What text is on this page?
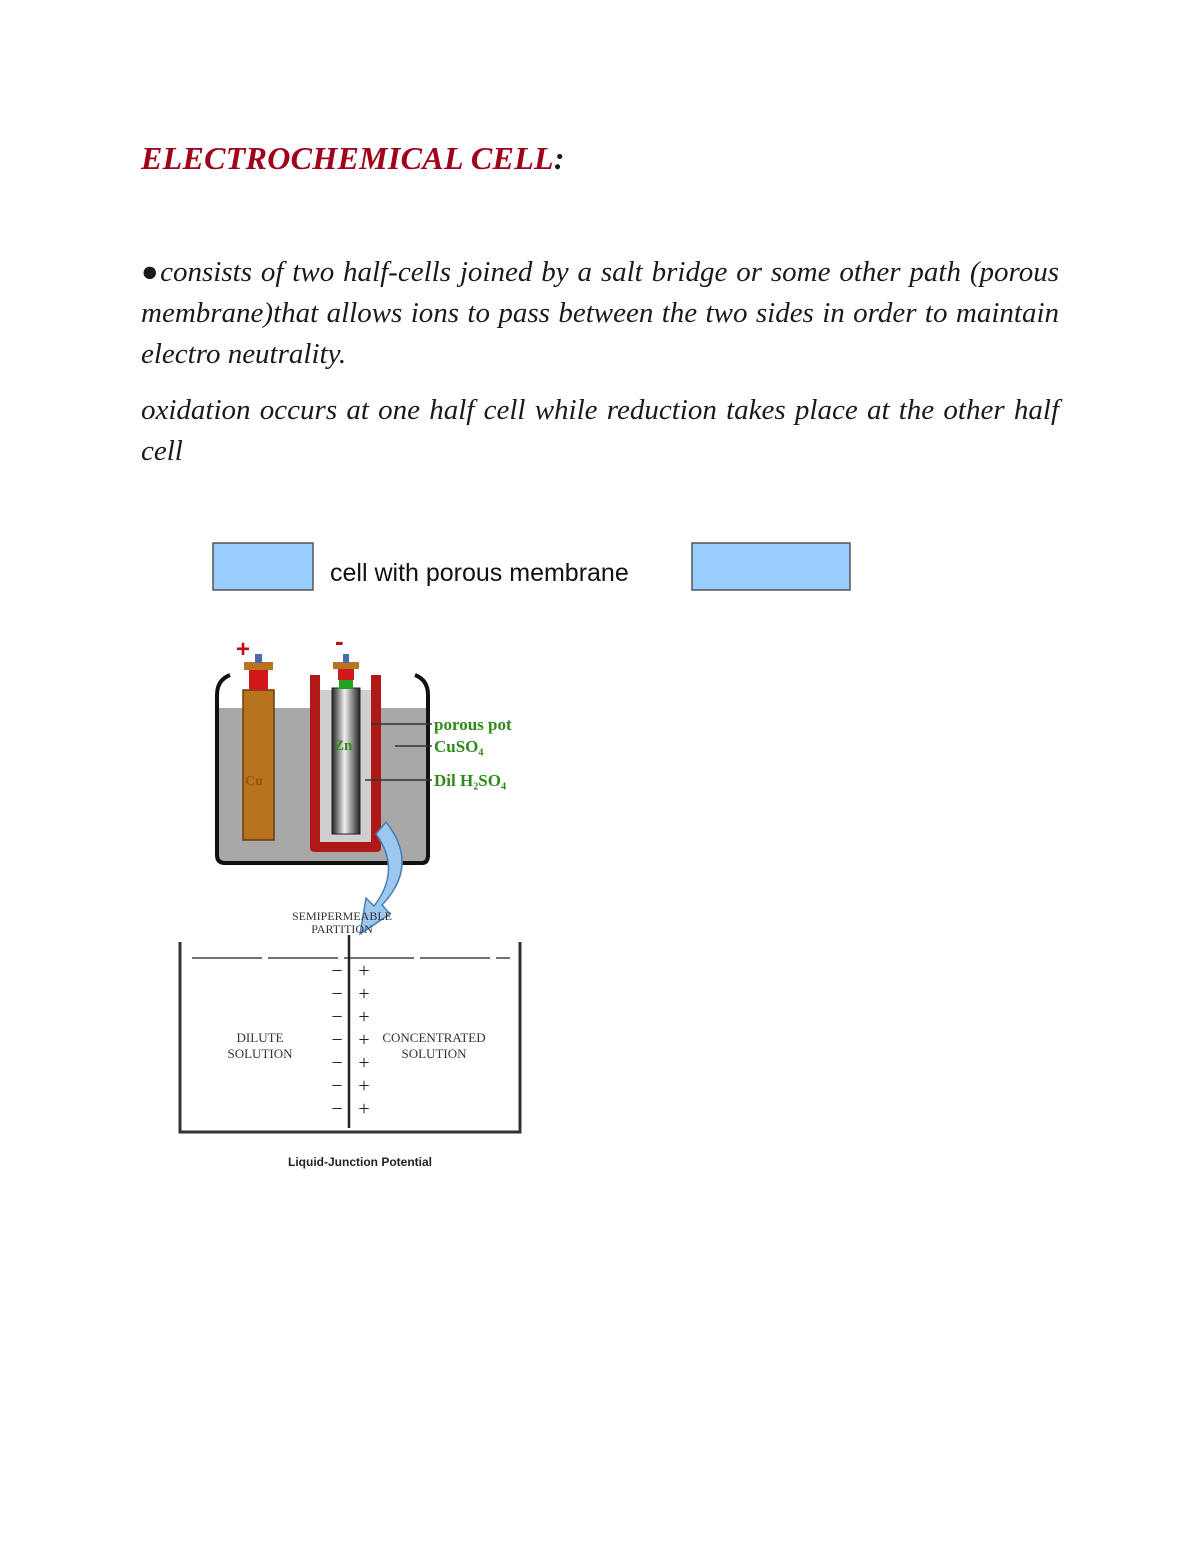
ELECTROCHEMICAL CELL:

●consists of two half-cells joined by a salt bridge or some other path (porous membrane)that allows ions to pass between the two sides in order to maintain electro neutrality.

oxidation occurs at one half cell while reduction takes place at the other half cell

cell with porous membrane
+
Cu
-
Zn
porous pot
CuSO₄
Dil H₂SO₄
SEMIPERMEABLE
PARTITION
− +
− +
− +
− +
− +
− +
− +
DILUTE
SOLUTION
CONCENTRATED
SOLUTION
Liquid-Junction Potential
